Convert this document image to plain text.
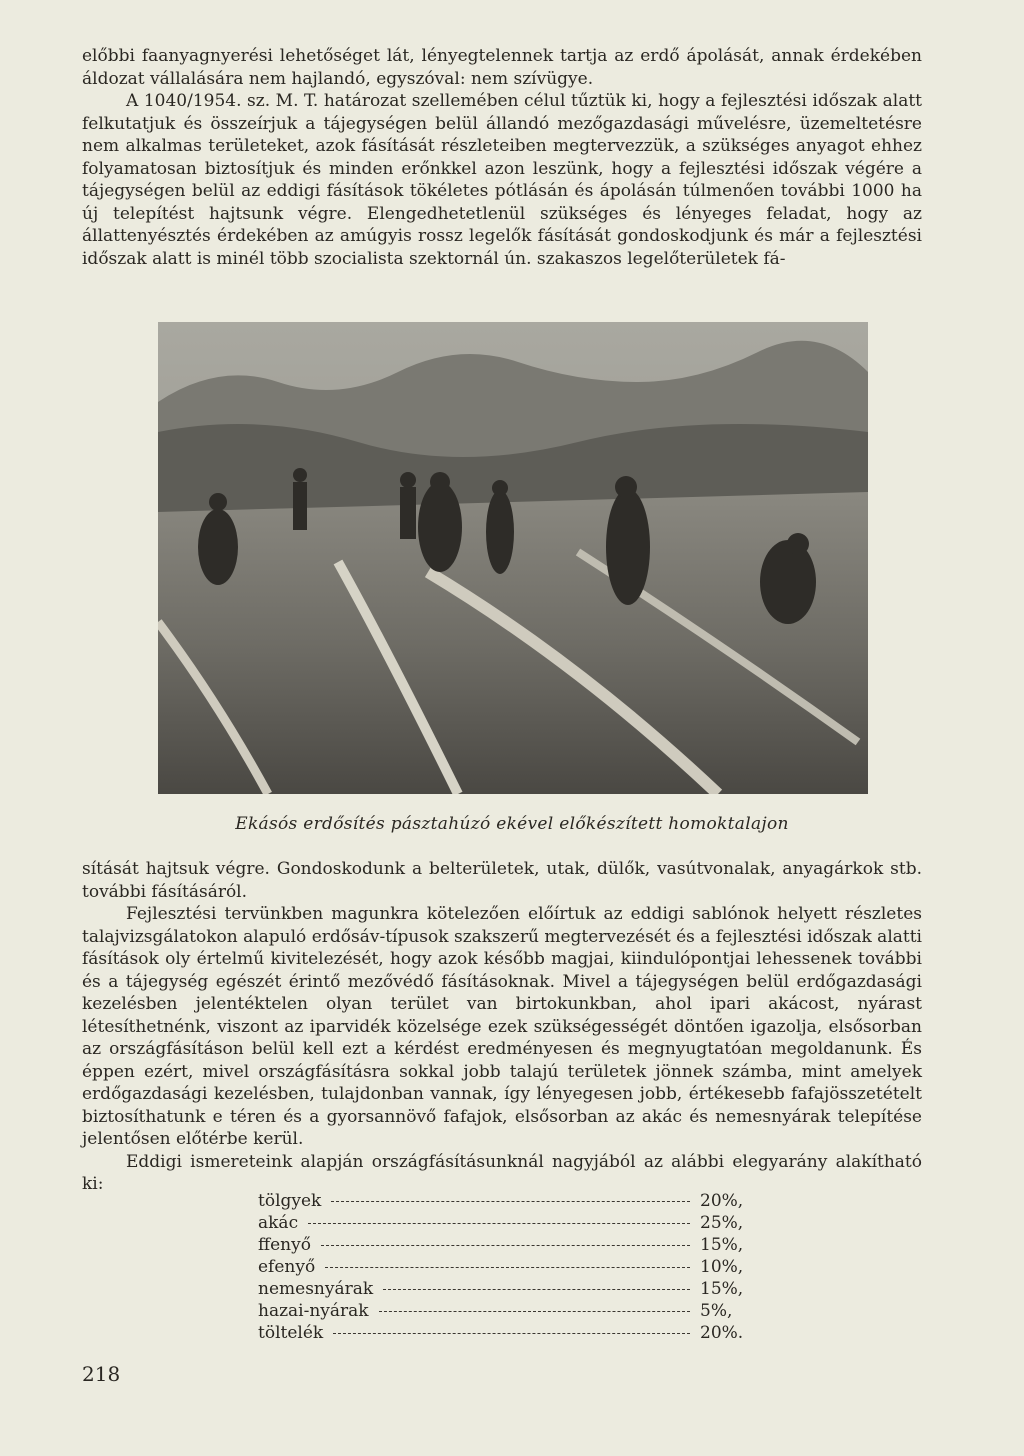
előbbi faanyagnyerési lehetőséget lát, lényegtelennek tartja az erdő ápolását, annak érdekében áldozat vállalására nem hajlandó, egyszóval: nem szívügye.

A 1040/1954. sz. M. T. határozat szellemében célul tűztük ki, hogy a fejlesztési időszak alatt felkutatjuk és összeírjuk a tájegységen belül állandó mezőgazdasági művelésre, üzemeltetésre nem alkalmas területeket, azok fásítását részleteiben megtervezzük, a szükséges anyagot ehhez folyamatosan biztosítjuk és minden erőnkkel azon leszünk, hogy a fejlesztési időszak végére a tájegységen belül az eddigi fásítások tökéletes pótlásán és ápolásán túlmenően további 1000 ha új telepítést hajtsunk végre. Elengedhetetlenül szükséges és lényeges feladat, hogy az állattenyésztés érdekében az amúgyis rossz legelők fásítását gondoskodjunk és már a fejlesztési időszak alatt is minél több szocialista szektornál ún. szakaszos legelőterületek fá-

Ekásós erdősítés pásztahúzó ekével előkészített homoktalajon

sítását hajtsuk végre. Gondoskodunk a belterületek, utak, dülők, vasútvonalak, anyagárkok stb. további fásításáról.

Fejlesztési tervünkben magunkra kötelezően előírtuk az eddigi sablónok helyett részletes talajvizsgálatokon alapuló erdősáv-típusok szakszerű megtervezését és a fejlesztési időszak alatti fásítások oly értelmű kivitelezését, hogy azok később magjai, kiindulópontjai lehessenek további és a tájegység egészét érintő mezővédő fásításoknak. Mivel a tájegységen belül erdőgazdasági kezelésben jelentéktelen olyan terület van birtokunkban, ahol ipari akácost, nyárast létesíthetnénk, viszont az iparvidék közelsége ezek szükségességét döntően igazolja, elsősorban az országfásításon belül kell ezt a kérdést eredményesen és megnyugtatóan megoldanunk. És éppen ezért, mivel országfásításra sokkal jobb talajú területek jönnek számba, mint amelyek erdőgazdasági kezelésben, tulajdonban vannak, így lényegesen jobb, értékesebb fafajösszetételt biztosíthatunk e téren és a gyorsannövő fafajok, elsősorban az akác és nemesnyárak telepítése jelentősen előtérbe kerül.

Eddigi ismereteink alapján országfásításunknál nagyjából az alábbi elegyarány alakítható ki:

tölgyek	20%,
akác	25%,
ffenyő	15%,
efenyő	10%,
nemesnyárak	15%,
hazai-nyárak	5%,
töltelék	20%.
218
